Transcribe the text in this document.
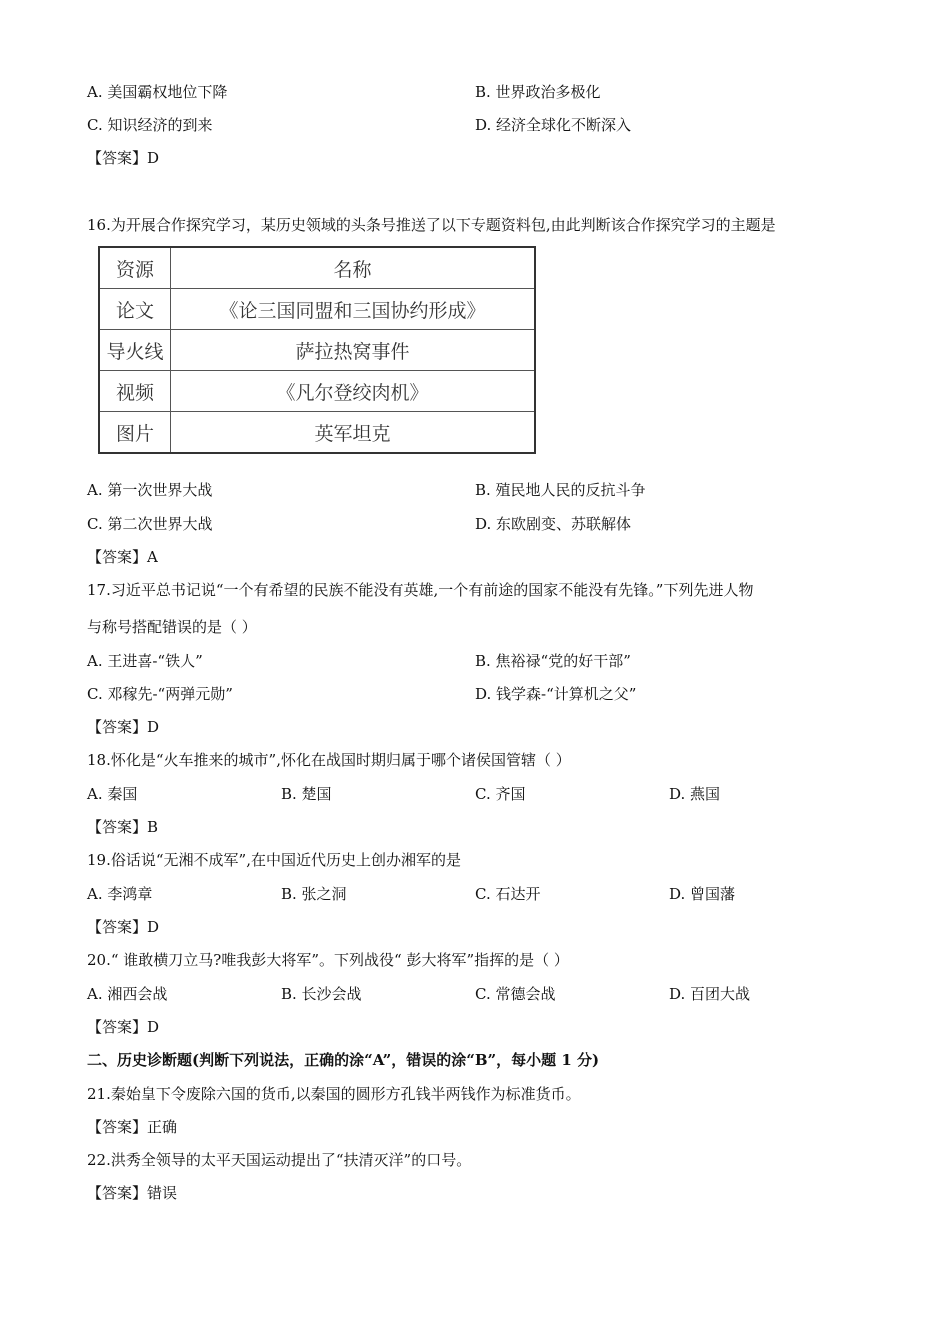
A. 美国霸权地位下降	B. 世界政治多极化
C. 知识经济的到来	D. 经济全球化不断深入
【答案】D
16.为开展合作探究学习，某历史领域的头条号推送了以下专题资料包,由此判断该合作探究学习的主题是
资源	名称
论文	《论三国同盟和三国协约形成》
导火线	萨拉热窝事件
视频	《凡尔登绞肉机》
图片	英军坦克
A. 第一次世界大战	B. 殖民地人民的反抗斗争
C. 第二次世界大战	D. 东欧剧变、苏联解体
【答案】A
17.习近平总书记说“一个有希望的民族不能没有英雄,一个有前途的国家不能没有先锋。”下列先进人物
与称号搭配错误的是（ ）
A. 王进喜-“铁人”	B. 焦裕禄“党的好干部”
C. 邓稼先-“两弹元勋”	D. 钱学森-“计算机之父”
【答案】D
18.怀化是“火车推来的城市”,怀化在战国时期归属于哪个诸侯国管辖（ ）
A. 秦国	B. 楚国	C. 齐国	D. 燕国
【答案】B
19.俗话说“无湘不成军”,在中国近代历史上创办湘军的是
A. 李鸿章	B. 张之洞	C. 石达开	D. 曾国藩
【答案】D
20.“ 谁敢横刀立马?唯我彭大将军”。下列战役“ 彭大将军”指挥的是（ ）
A. 湘西会战	B. 长沙会战	C. 常德会战	D. 百团大战
【答案】D
二、历史诊断题(判断下列说法，正确的涂“A”，错误的涂“B”，每小题 1 分)
21.秦始皇下令废除六国的货币,以秦国的圆形方孔钱半两钱作为标准货币。
【答案】正确
22.洪秀全领导的太平天国运动提出了“扶清灭洋”的口号。
【答案】错误
